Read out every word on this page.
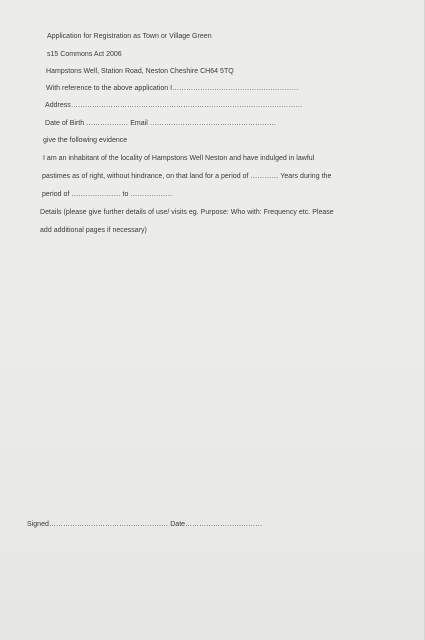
Application for Registration as Town or Village Green
s15 Commons Act 2006
Hampstons Well, Station Road, Neston Cheshire CH64 5TQ
With reference to the above application I………………………………………………
Address………………………………………………………………………………………
Date of Birth ……………… Email ………………………………………………
give the following evidence
I am an inhabitant of the locality of Hampstons Well Neston and have indulged in lawful
pastimes as of right, without hindrance, on that land for a period of ………… Years during the
period of ………………… to ………………
Details (please give further details of use/ visits eg. Purpose: Who with: Frequency etc. Please
add additional pages if necessary)
Signed…………………………………………… Date……………………………
